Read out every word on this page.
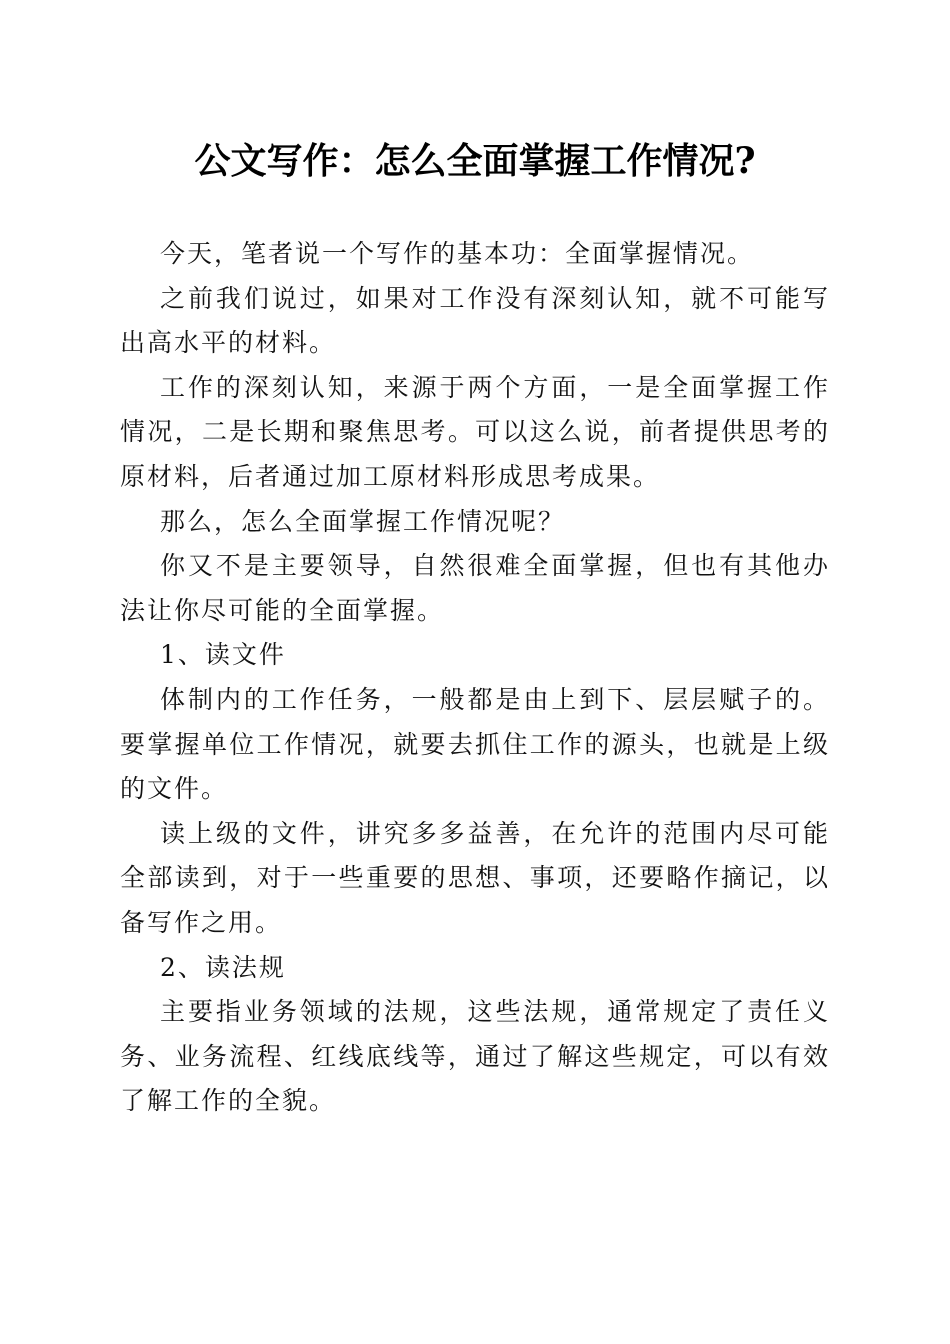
公文写作：怎么全面掌握工作情况?

今天，笔者说一个写作的基本功：全面掌握情况。

之前我们说过，如果对工作没有深刻认知，就不可能写出高水平的材料。

工作的深刻认知，来源于两个方面，一是全面掌握工作情况，二是长期和聚焦思考。可以这么说，前者提供思考的原材料，后者通过加工原材料形成思考成果。

那么，怎么全面掌握工作情况呢？

你又不是主要领导，自然很难全面掌握，但也有其他办法让你尽可能的全面掌握。

1、读文件

体制内的工作任务，一般都是由上到下、层层赋子的。要掌握单位工作情况，就要去抓住工作的源头，也就是上级的文件。

读上级的文件，讲究多多益善，在允许的范围内尽可能全部读到，对于一些重要的思想、事项，还要略作摘记，以备写作之用。

2、读法规

主要指业务领域的法规，这些法规，通常规定了责任义务、业务流程、红线底线等，通过了解这些规定，可以有效了解工作的全貌。
